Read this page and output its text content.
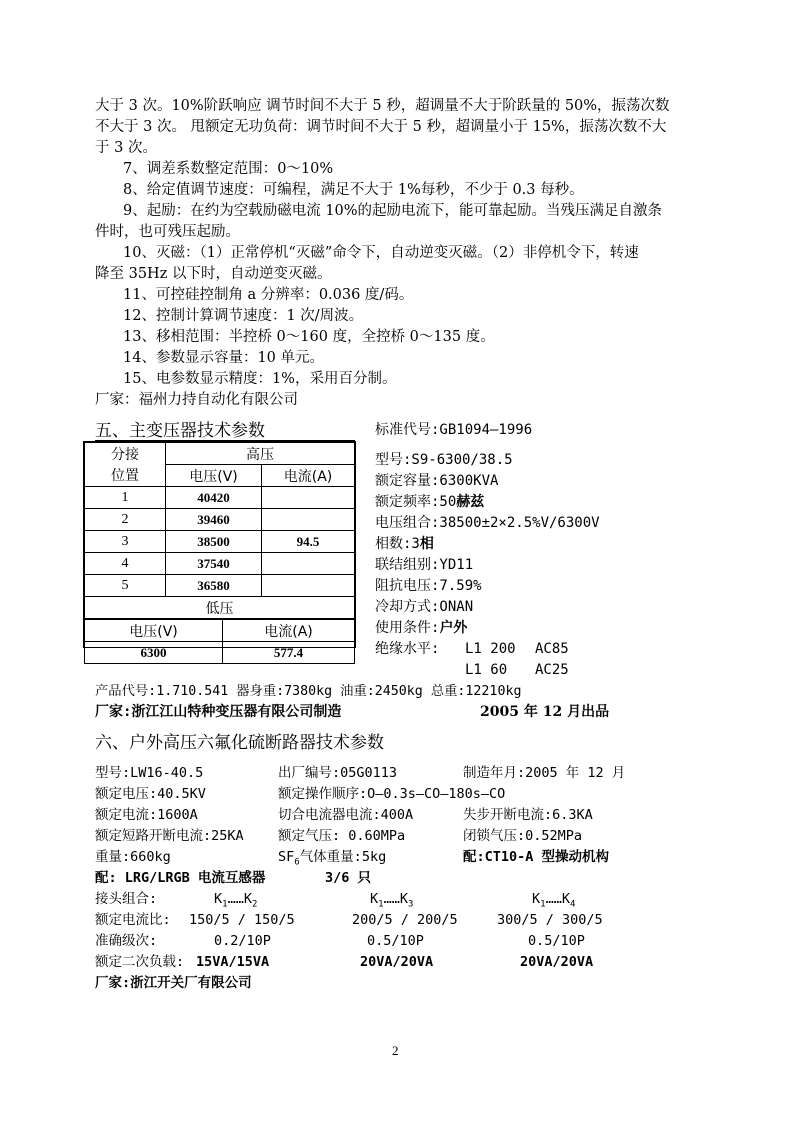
大于 3 次。10%阶跃响应 调节时间不大于 5 秒，超调量不大于阶跃量的 50%，振荡次数
不大于 3 次。 甩额定无功负荷：调节时间不大于 5 秒，超调量小于 15%，振荡次数不大
于 3 次。
7、调差系数整定范围：0～10%
8、给定值调节速度：可编程，满足不大于 1%每秒，不少于 0.3 每秒。
9、起励：在约为空载励磁电流 10%的起励电流下，能可靠起励。当残压满足自激条
件时，也可残压起励。
10、灭磁：（1）正常停机“灭磁”命令下，自动逆变灭磁。（2）非停机令下，转速
降至 35Hz 以下时，自动逆变灭磁。
11、可控硅控制角 a 分辨率：0.036 度/码。
12、控制计算调节速度：1 次/周波。
13、移相范围：半控桥 0～160 度，全控桥 0～135 度。
14、参数显示容量：10 单元。
15、电参数显示精度：1%，采用百分制。
厂家：福州力持自动化有限公司
五、主变压器技术参数
分接	高压	
位置	电压(V)	电流(A)
1	40420	
2	39460	
3	38500	94.5
4	37540	
5	36580	
低压		
电压(V)	电流(A)
6300	577.4
标准代号:GB1094—1996
型号:S9-6300/38.5
额定容量:6300KVA
额定频率:50赫兹
电压组合:38500±2×2.5%V/6300V
相数:3相
联结组别:YD11
阻抗电压:7.59%
冷却方式:ONAN
使用条件:户外
绝缘水平: L1 200 AC85
L1 60 AC25
产品代号:1.710.541 器身重:7380kg 油重:2450kg 总重:12210kg
厂家:浙江江山特种变压器有限公司制造	2005 年 12 月出品
六、户外高压六氟化硫断路器技术参数
型号:LW16-40.5	出厂编号:05G0113	制造年月:2005 年 12 月
额定电压:40.5KV	额定操作顺序:O—0.3s—CO—180s—CO
额定电流:1600A	切合电流器电流:400A	失步开断电流:6.3KA
额定短路开断电流:25KA	额定气压: 0.60MPa	闭锁气压:0.52MPa
重量:660kg	$SF_6$气体重量:5kg	配:CT10-A 型操动机构
配: LRG/LRGB 电流互感器	3/6 只
接头组合:	$K_1\dots\dots K_2$	$K_1\dots\dots K_3$	$K_1\dots\dots K_4$
额定电流比: 150/5 / 150/5	200/5 / 200/5	300/5 / 300/5
准确级次:	0.2/10P	0.5/10P	0.5/10P
额定二次负载: 15VA/15VA	20VA/20VA	20VA/20VA
厂家:浙江开关厂有限公司
2
